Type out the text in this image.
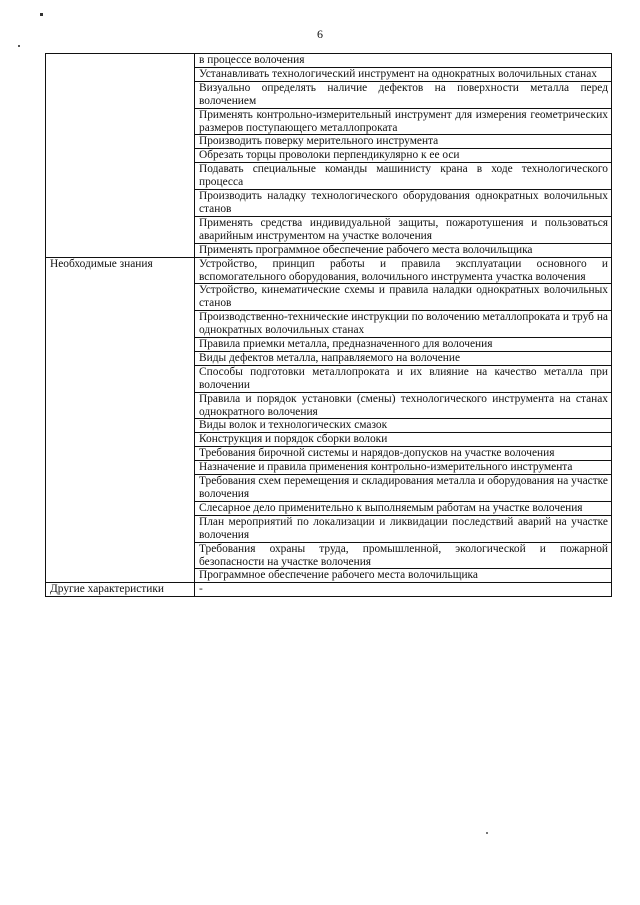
6
	в процессе волочения
	Устанавливать технологический инструмент на однократных волочильных станах
	Визуально определять наличие дефектов на поверхности металла перед волочением
	Применять контрольно-измерительный инструмент для измерения геометрических размеров поступающего металлопроката
	Производить поверку мерительного инструмента
	Обрезать торцы проволоки перпендикулярно к ее оси
	Подавать специальные команды машинисту крана в ходе технологического процесса
	Производить наладку технологического оборудования однократных волочильных станов
	Применять средства индивидуальной защиты, пожаротушения и пользоваться аварийным инструментом на участке волочения
	Применять программное обеспечение рабочего места волочильщика
Необходимые знания	Устройство, принцип работы и правила эксплуатации основного и вспомогательного оборудования, волочильного инструмента участка волочения
	Устройство, кинематические схемы и правила наладки однократных волочильных станов
	Производственно-технические инструкции по волочению металлопроката и труб на однократных волочильных станах
	Правила приемки металла, предназначенного для волочения
	Виды дефектов металла, направляемого на волочение
	Способы подготовки металлопроката и их влияние на качество металла при волочении
	Правила и порядок установки (смены) технологического инструмента на станах однократного волочения
	Виды волок и технологических смазок
	Конструкция и порядок сборки волоки
	Требования бирочной системы и нарядов-допусков на участке волочения
	Назначение и правила применения контрольно-измерительного инструмента
	Требования схем перемещения и складирования металла и оборудования на участке волочения
	Слесарное дело применительно к выполняемым работам на участке волочения
	План мероприятий по локализации и ликвидации последствий аварий на участке волочения
	Требования охраны труда, промышленной, экологической и пожарной безопасности на участке волочения
	Программное обеспечение рабочего места волочильщика
Другие характеристики	-
